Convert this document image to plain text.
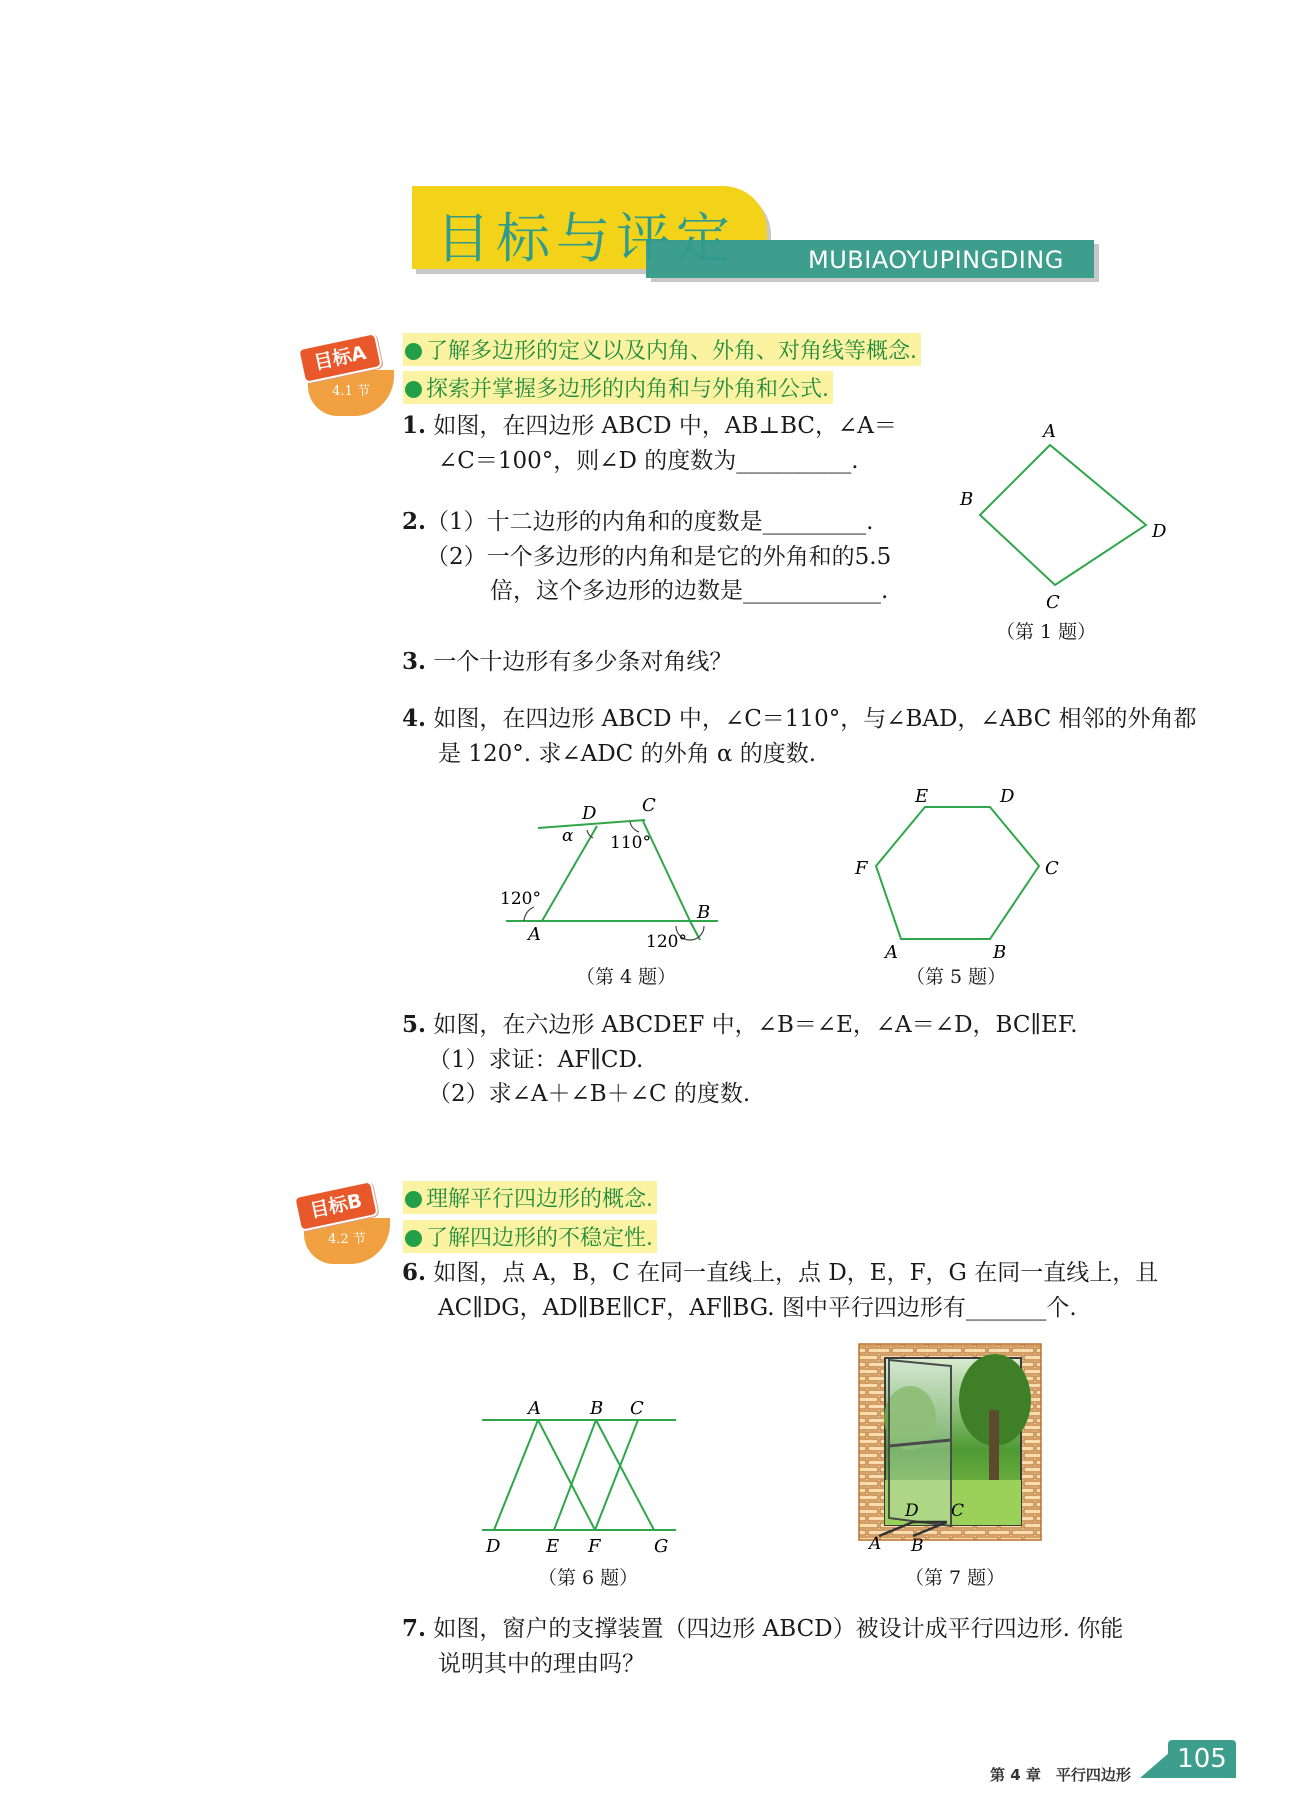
目标与评定	MUBIAOYUPINGDING
4.1 节
目标A	了解多边形的定义以及内角、外角、对角线等概念.
探索并掌握多边形的内角和与外角和公式.
1. 如图，在四边形 ABCD 中，AB⊥BC，∠A＝
∠C＝100°，则∠D 的度数为__________.
2.（1）十二边形的内角和的度数是_________.
（2）一个多边形的内角和是它的外角和的5.5
倍，这个多边形的边数是____________.
A
B
C
D
（第 1 题）
3. 一个十边形有多少条对角线？
4. 如图，在四边形 ABCD 中，∠C＝110°，与∠BAD，∠ABC 相邻的外角都
是 120°. 求∠ADC 的外角 α 的度数.
D	C
α 110°
120°
A
B
120°
（第 4 题）
E	D
F	C
A	B
（第 5 题）
5. 如图，在六边形 ABCDEF 中，∠B＝∠E，∠A＝∠D，BC∥EF.
（1）求证：AF∥CD.
（2）求∠A＋∠B＋∠C 的度数.
4.2 节
目标B	理解平行四边形的概念.
了解四边形的不稳定性.
6. 如图，点 A，B，C 在同一直线上，点 D，E，F，G 在同一直线上，且
AC∥DG，AD∥BE∥CF，AF∥BG. 图中平行四边形有_______个.
A	B C
D	E F	G
（第 6 题）
D C
A B
（第 7 题）
7. 如图，窗户的支撑装置（四边形 ABCD）被设计成平行四边形. 你能
说明其中的理由吗？
第 4 章　平行四边形
105
